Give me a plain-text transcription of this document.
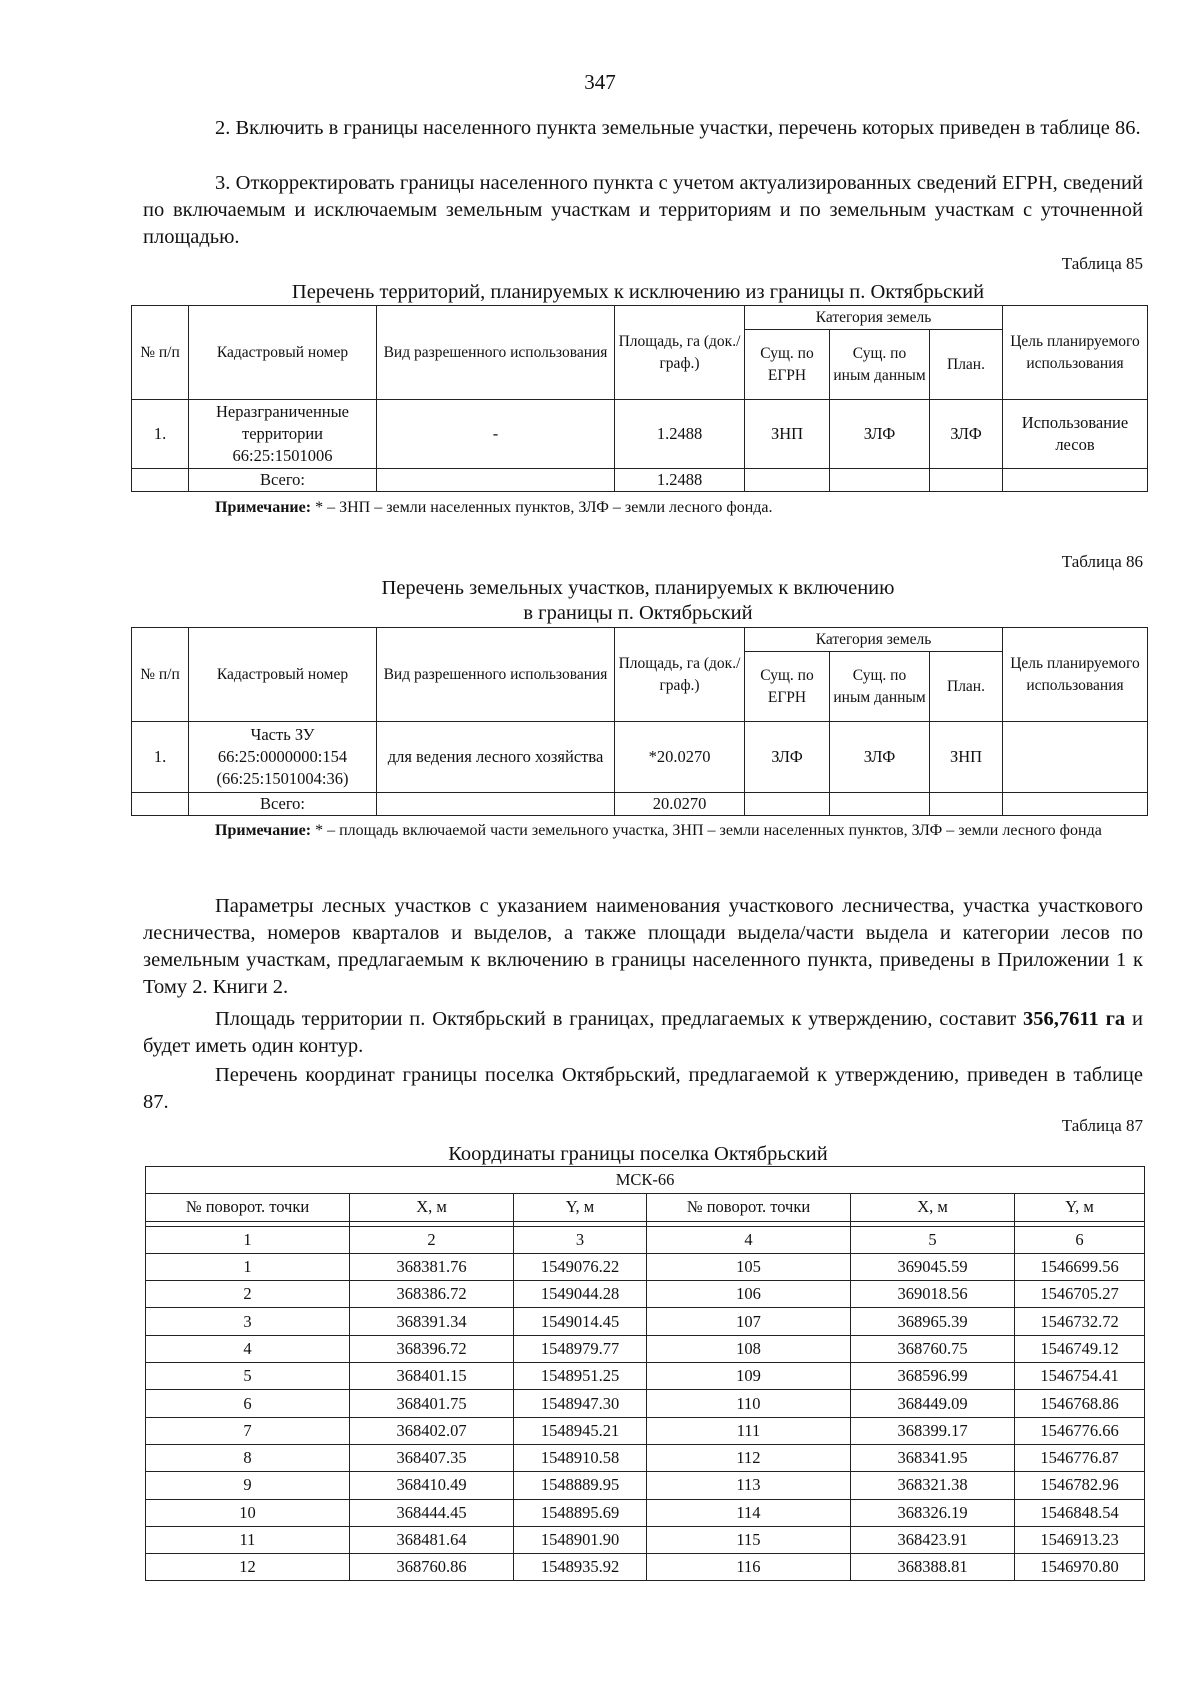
347

2. Включить в границы населенного пункта земельные участки, перечень которых приведен в таблице 86.

3. Откорректировать границы населенного пункта с учетом актуализированных сведений ЕГРН, сведений по включаемым и исключаемым земельным участкам и территориям и по земельным участкам с уточненной площадью.

Таблица 85
Перечень территорий, планируемых к исключению из границы п. Октябрьский
№ п/п	Кадастровый номер	Вид разрешенного использования	Площадь, га (док./граф.)	Категория земель			Цель планируемого использования
				Сущ. по ЕГРН	Сущ. по иным данным	План.	
1.	Неразграниченные территории 66:25:1501006	-	1.2488	ЗНП	ЗЛФ	ЗЛФ	Использование лесов
	Всего:		1.2488				
Примечание: * – ЗНП – земли населенных пунктов, ЗЛФ – земли лесного фонда.
Таблица 86
Перечень земельных участков, планируемых к включению
в границы п. Октябрьский
№ п/п	Кадастровый номер	Вид разрешенного использования	Площадь, га (док./граф.)	Категория земель			Цель планируемого использования
				Сущ. по ЕГРН	Сущ. по иным данным	План.	
1.	Часть ЗУ 66:25:0000000:154 (66:25:1501004:36)	для ведения лесного хозяйства	*20.0270	ЗЛФ	ЗЛФ	ЗНП	
	Всего:		20.0270				
Примечание: * – площадь включаемой части земельного участка, ЗНП – земли населенных пунктов, ЗЛФ – земли лесного фонда

Параметры лесных участков с указанием наименования участкового лесничества, участка участкового лесничества, номеров кварталов и выделов, а также площади выдела/части выдела и категории лесов по земельным участкам, предлагаемым к включению в границы населенного пункта, приведены в Приложении 1 к Тому 2. Книги 2.

Площадь территории п. Октябрьский в границах, предлагаемых к утверждению, составит 356,7611 га и будет иметь один контур.

Перечень координат границы поселка Октябрьский, предлагаемой к утверждению, приведен в таблице 87.

Таблица 87
Координаты границы поселка Октябрьский
МСК-66					
№ поворот. точки	X, м	Y, м	№ поворот. точки	X, м	Y, м

1	2	3	4	5	6
1	368381.76	1549076.22	105	369045.59	1546699.56
2	368386.72	1549044.28	106	369018.56	1546705.27
3	368391.34	1549014.45	107	368965.39	1546732.72
4	368396.72	1548979.77	108	368760.75	1546749.12
5	368401.15	1548951.25	109	368596.99	1546754.41
6	368401.75	1548947.30	110	368449.09	1546768.86
7	368402.07	1548945.21	111	368399.17	1546776.66
8	368407.35	1548910.58	112	368341.95	1546776.87
9	368410.49	1548889.95	113	368321.38	1546782.96
10	368444.45	1548895.69	114	368326.19	1546848.54
11	368481.64	1548901.90	115	368423.91	1546913.23
12	368760.86	1548935.92	116	368388.81	1546970.80
